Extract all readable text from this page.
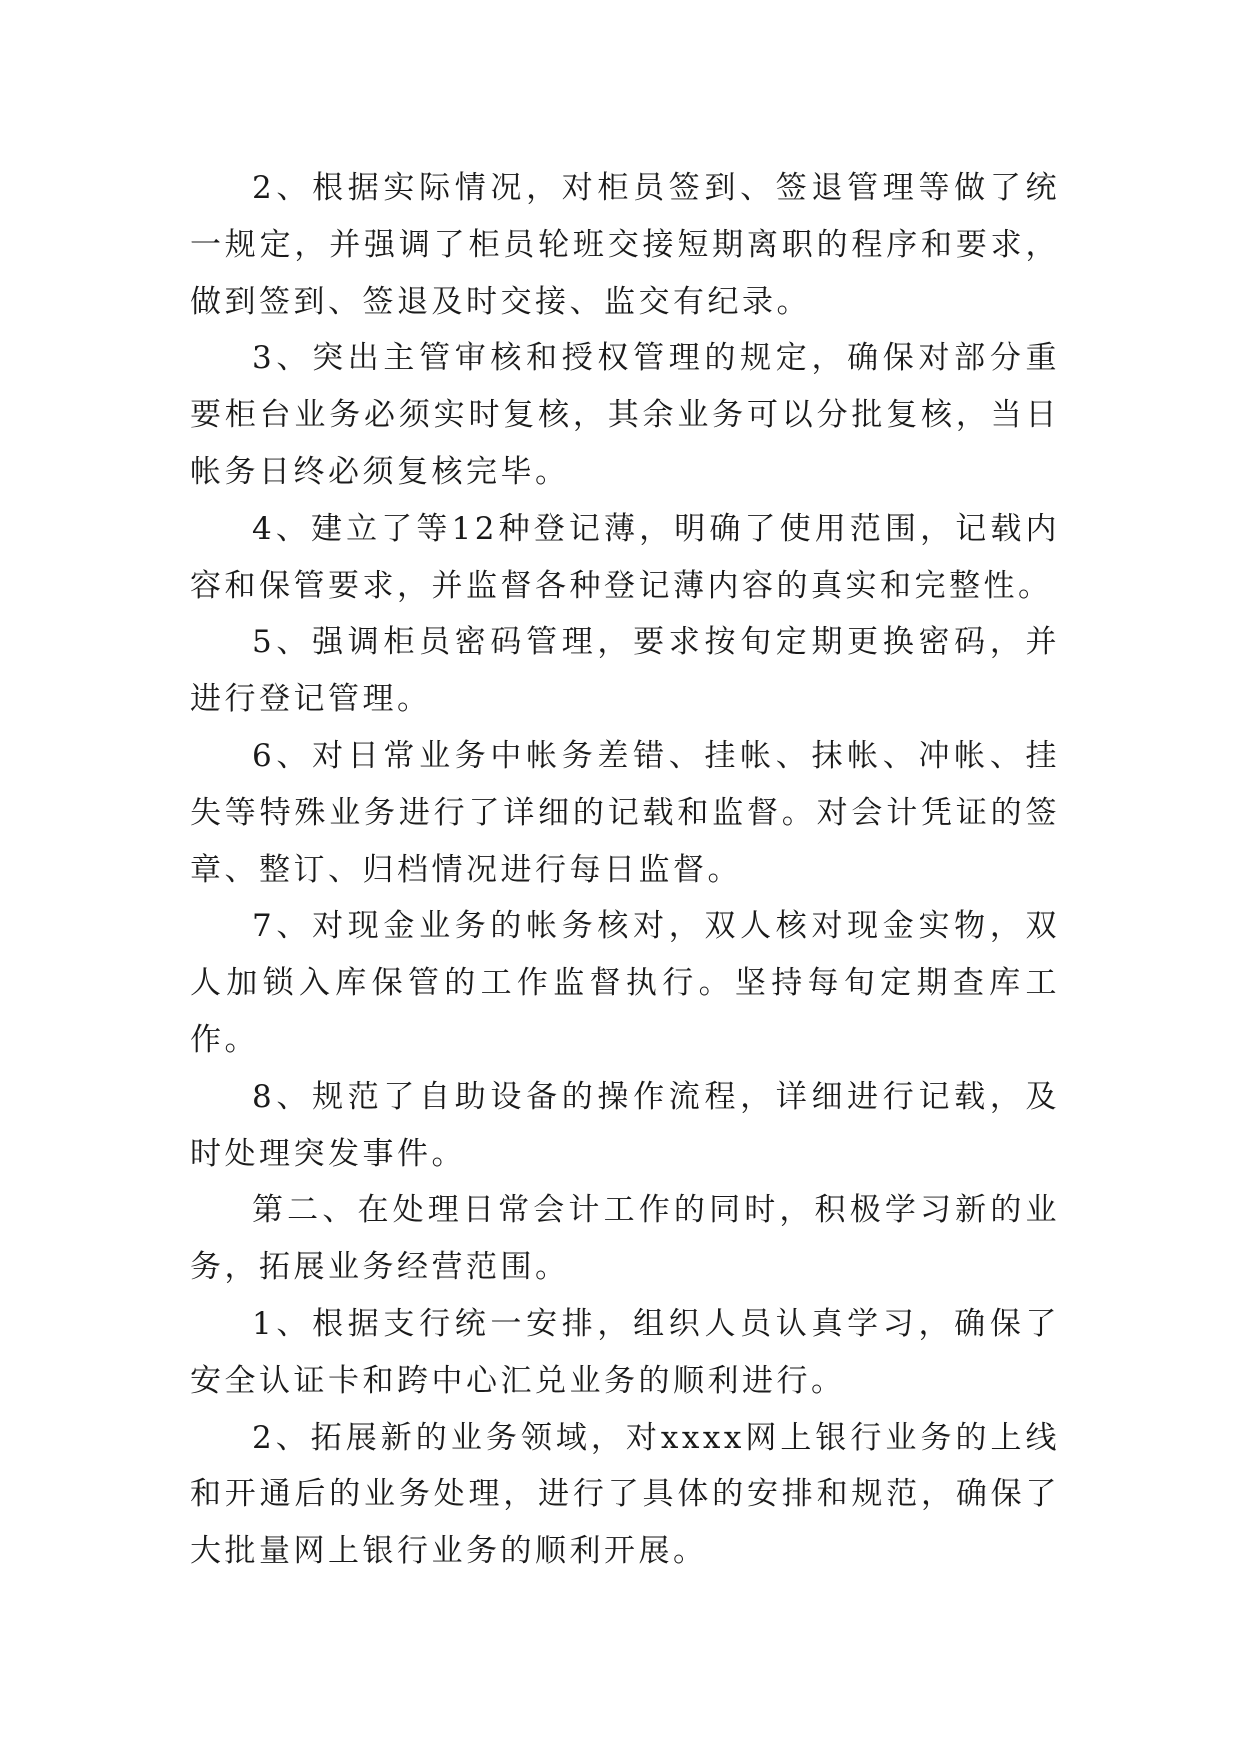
2、根据实际情况，对柜员签到、签退管理等做了统一规定，并强调了柜员轮班交接短期离职的程序和要求，做到签到、签退及时交接、监交有纪录。

3、突出主管审核和授权管理的规定，确保对部分重要柜台业务必须实时复核，其余业务可以分批复核，当日帐务日终必须复核完毕。

4、建立了等12种登记薄，明确了使用范围，记载内容和保管要求，并监督各种登记薄内容的真实和完整性。

5、强调柜员密码管理，要求按旬定期更换密码，并进行登记管理。

6、对日常业务中帐务差错、挂帐、抹帐、冲帐、挂失等特殊业务进行了详细的记载和监督。对会计凭证的签章、整订、归档情况进行每日监督。

7、对现金业务的帐务核对，双人核对现金实物，双人加锁入库保管的工作监督执行。坚持每旬定期查库工作。

8、规范了自助设备的操作流程，详细进行记载，及时处理突发事件。

第二、在处理日常会计工作的同时，积极学习新的业务，拓展业务经营范围。

1、根据支行统一安排，组织人员认真学习，确保了安全认证卡和跨中心汇兑业务的顺利进行。

2、拓展新的业务领域，对xxxx网上银行业务的上线和开通后的业务处理，进行了具体的安排和规范，确保了大批量网上银行业务的顺利开展。
